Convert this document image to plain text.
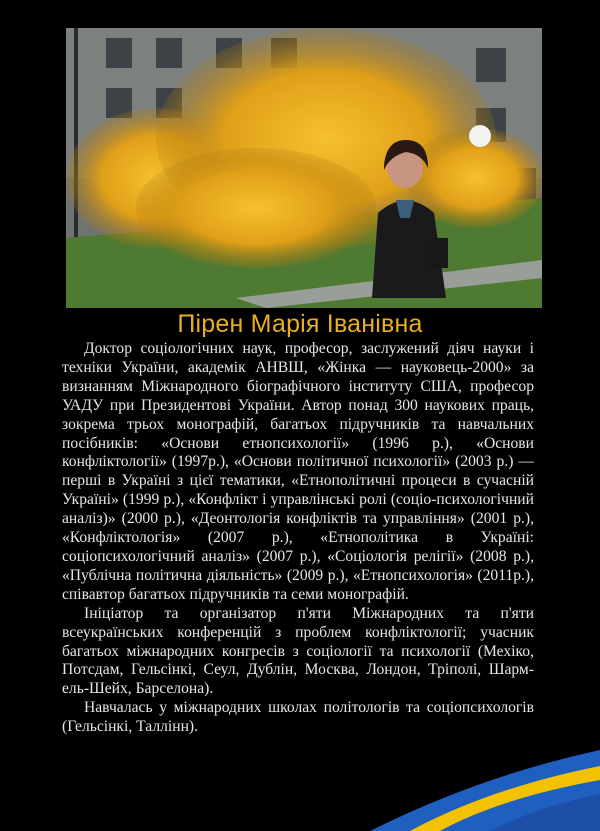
Пірен Марія Іванівна

Доктор соціологічних наук, професор, заслужений діяч науки і техніки України, академік АНВШ, «Жінка — науковець-2000» за визнанням Міжнародного біографічного інституту США, професор УАДУ при Президентові України. Автор понад 300 наукових праць, зокрема трьох монографій, багатьох підручників та навчальних посібників: «Основи етнопсихології» (1996 р.), «Основи конфліктології» (1997р.), «Основи політичної психології» (2003 р.) — перші в Україні з цієї тематики, «Етнополітичні процеси в сучасній Україні» (1999 р.), «Конфлікт і управлінські ролі (соціо-психологічний аналіз)» (2000 р.), «Деонтологія конфліктів та управління» (2001 р.), «Конфліктологія» (2007 р.), «Етнополітика в Україні: соціопсихологічний аналіз» (2007 р.), «Соціологія релігії» (2008 р.), «Публічна політична діяльність» (2009 р.), «Етнопсихологія» (2011р.), співавтор багатьох підручників та семи монографій.

Ініціатор та організатор п'яти Міжнародних та п'яти всеукраїнських конференцій з проблем конфліктології; учасник багатьох міжнародних конгресів з соціології та психології (Мехіко, Потсдам, Гельсінкі, Сеул, Дублін, Москва, Лондон, Тріполі, Шарм-ель-Шейх, Барселона).

Навчалась у міжнародних школах політологів та соціопсихологів (Гельсінкі, Таллінн).
